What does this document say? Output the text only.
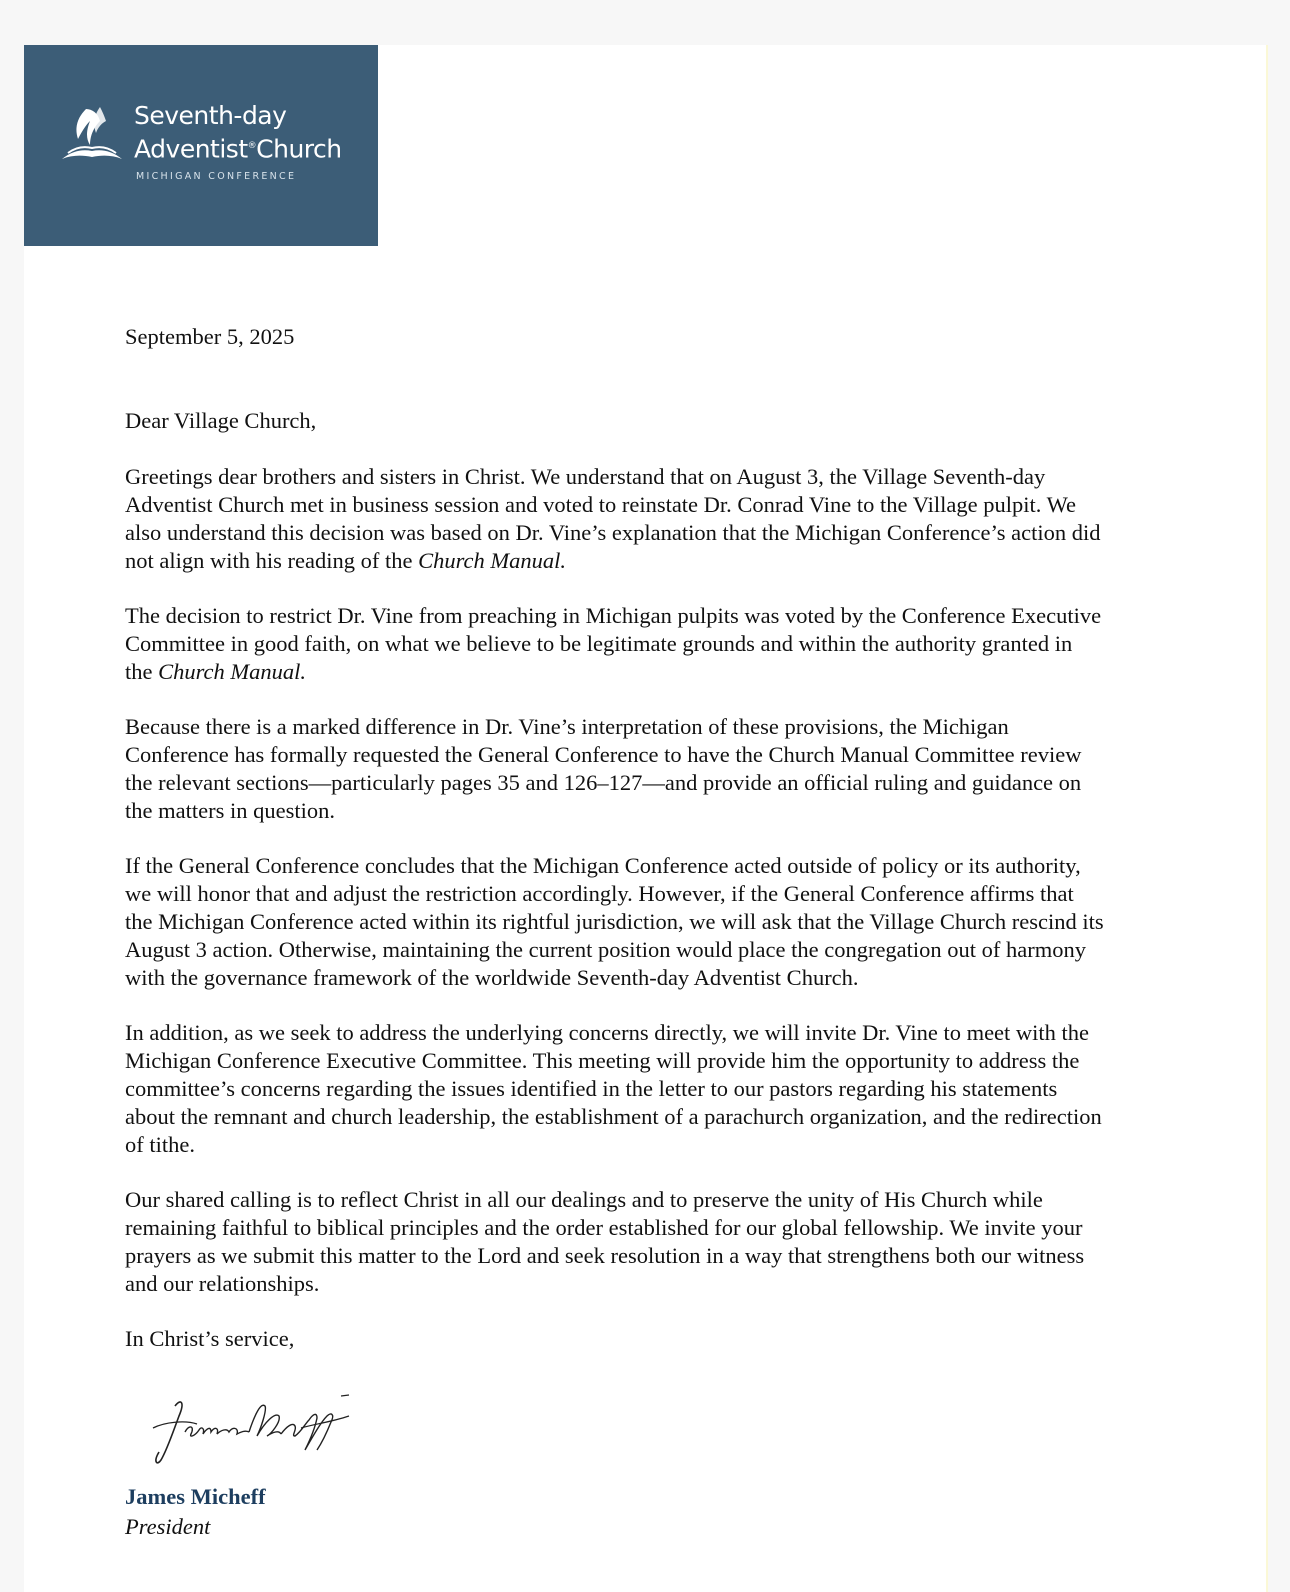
Seventh-day
Adventist®Church
MICHIGAN CONFERENCE

September 5, 2025

Dear Village Church,

Greetings dear brothers and sisters in Christ. We understand that on August 3, the Village Seventh-day Adventist Church met in business session and voted to reinstate Dr. Conrad Vine to the Village pulpit. We also understand this decision was based on Dr. Vine’s explanation that the Michigan Conference’s action did not align with his reading of the Church Manual.

The decision to restrict Dr. Vine from preaching in Michigan pulpits was voted by the Conference Executive Committee in good faith, on what we believe to be legitimate grounds and within the authority granted in the Church Manual.

Because there is a marked difference in Dr. Vine’s interpretation of these provisions, the Michigan Conference has formally requested the General Conference to have the Church Manual Committee review the relevant sections—particularly pages 35 and 126–127—and provide an official ruling and guidance on the matters in question.

If the General Conference concludes that the Michigan Conference acted outside of policy or its authority, we will honor that and adjust the restriction accordingly. However, if the General Conference affirms that the Michigan Conference acted within its rightful jurisdiction, we will ask that the Village Church rescind its August 3 action. Otherwise, maintaining the current position would place the congregation out of harmony with the governance framework of the worldwide Seventh-day Adventist Church.

In addition, as we seek to address the underlying concerns directly, we will invite Dr. Vine to meet with the Michigan Conference Executive Committee. This meeting will provide him the opportunity to address the committee’s concerns regarding the issues identified in the letter to our pastors regarding his statements about the remnant and church leadership, the establishment of a parachurch organization, and the redirection of tithe.

Our shared calling is to reflect Christ in all our dealings and to preserve the unity of His Church while remaining faithful to biblical principles and the order established for our global fellowship. We invite your prayers as we submit this matter to the Lord and seek resolution in a way that strengthens both our witness and our relationships.

In Christ’s service,

James Micheff
President
